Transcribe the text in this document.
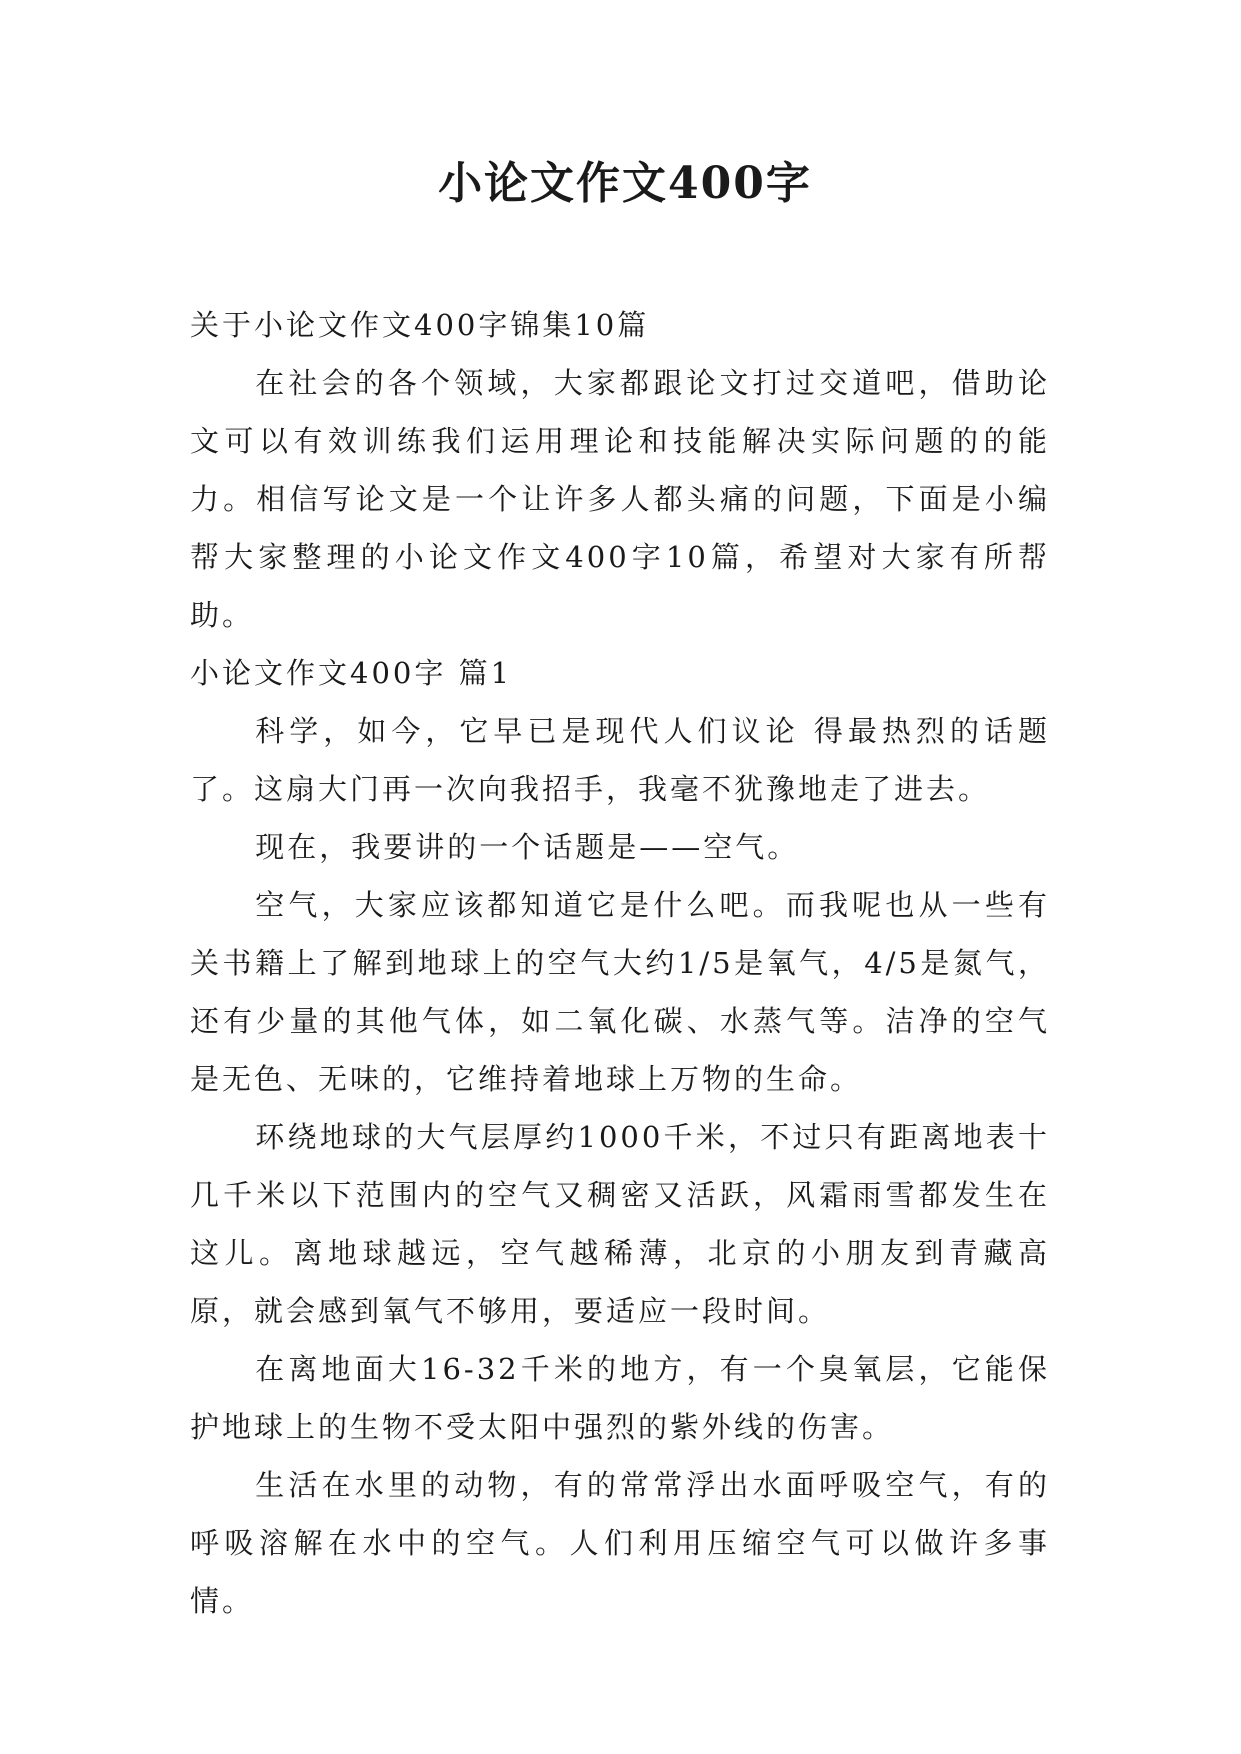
小论文作文400字

关于小论文作文400字锦集10篇

在社会的各个领域，大家都跟论文打过交道吧，借助论文可以有效训练我们运用理论和技能解决实际问题的的能力。相信写论文是一个让许多人都头痛的问题，下面是小编帮大家整理的小论文作文400字10篇，希望对大家有所帮助。

小论文作文400字 篇1

科学，如今，它早已是现代人们议论 得最热烈的话题了。这扇大门再一次向我招手，我毫不犹豫地走了进去。

现在，我要讲的一个话题是——空气。

空气，大家应该都知道它是什么吧。而我呢也从一些有关书籍上了解到地球上的空气大约1/5是氧气，4/5是氮气，还有少量的其他气体，如二氧化碳、水蒸气等。洁净的空气是无色、无味的，它维持着地球上万物的生命。

环绕地球的大气层厚约1000千米，不过只有距离地表十几千米以下范围内的空气又稠密又活跃，风霜雨雪都发生在这儿。离地球越远，空气越稀薄，北京的小朋友到青藏高原，就会感到氧气不够用，要适应一段时间。

在离地面大16-32千米的地方，有一个臭氧层，它能保护地球上的生物不受太阳中强烈的紫外线的伤害。

生活在水里的动物，有的常常浮出水面呼吸空气，有的呼吸溶解在水中的空气。人们利用压缩空气可以做许多事情。
